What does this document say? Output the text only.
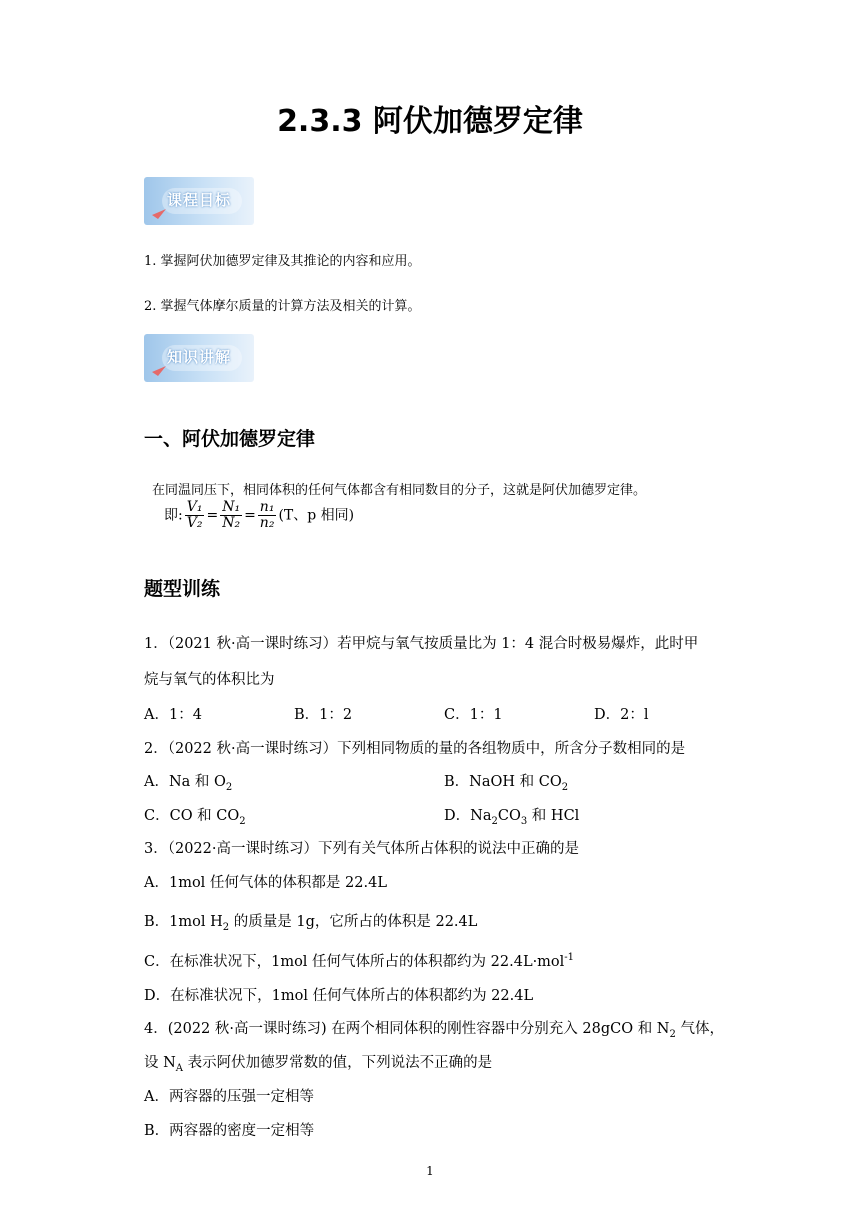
2.3.3 阿伏加德罗定律
课程目标
1. 掌握阿伏加德罗定律及其推论的内容和应用。
2. 掌握气体摩尔质量的计算方法及相关的计算。
知识讲解
一、阿伏加德罗定律
在同温同压下，相同体积的任何气体都含有相同数目的分子，这就是阿伏加德罗定律。
即: $\frac{\text{V₁}}{\text{V₂}} = \frac{\text{N₁}}{\text{N₂}} = \frac{\text{n₁}}{\text{n₂}} (T$、p 相同)
题型训练
1．（2021 秋·高一课时练习）若甲烷与氧气按质量比为 1：4 混合时极易爆炸，此时甲
烷与氧气的体积比为
A．1：4	B．1：2	C．1：1	D．2：l
2．（2022 秋·高一课时练习）下列相同物质的量的各组物质中，所含分子数相同的是
A．Na 和 $O_2$	B．NaOH 和 $CO_2$
C．CO 和 $CO_2$	D．$Na_2CO_3$ 和 HCl
3．（2022·高一课时练习）下列有关气体所占体积的说法中正确的是
A．1mol 任何气体的体积都是 22.4L
B．1mol $H_2$ 的质量是 1g，它所占的体积是 22.4L
C．在标准状况下，1mol 任何气体所占的体积都约为 22.4L·mol$^{-1}$
D．在标准状况下，1mol 任何气体所占的体积都约为 22.4L
4．(2022 秋·高一课时练习) 在两个相同体积的刚性容器中分别充入 28gCO 和 $N_2$ 气体，
设 $N_A$ 表示阿伏加德罗常数的值，下列说法不正确的是
A．两容器的压强一定相等
B．两容器的密度一定相等
1
